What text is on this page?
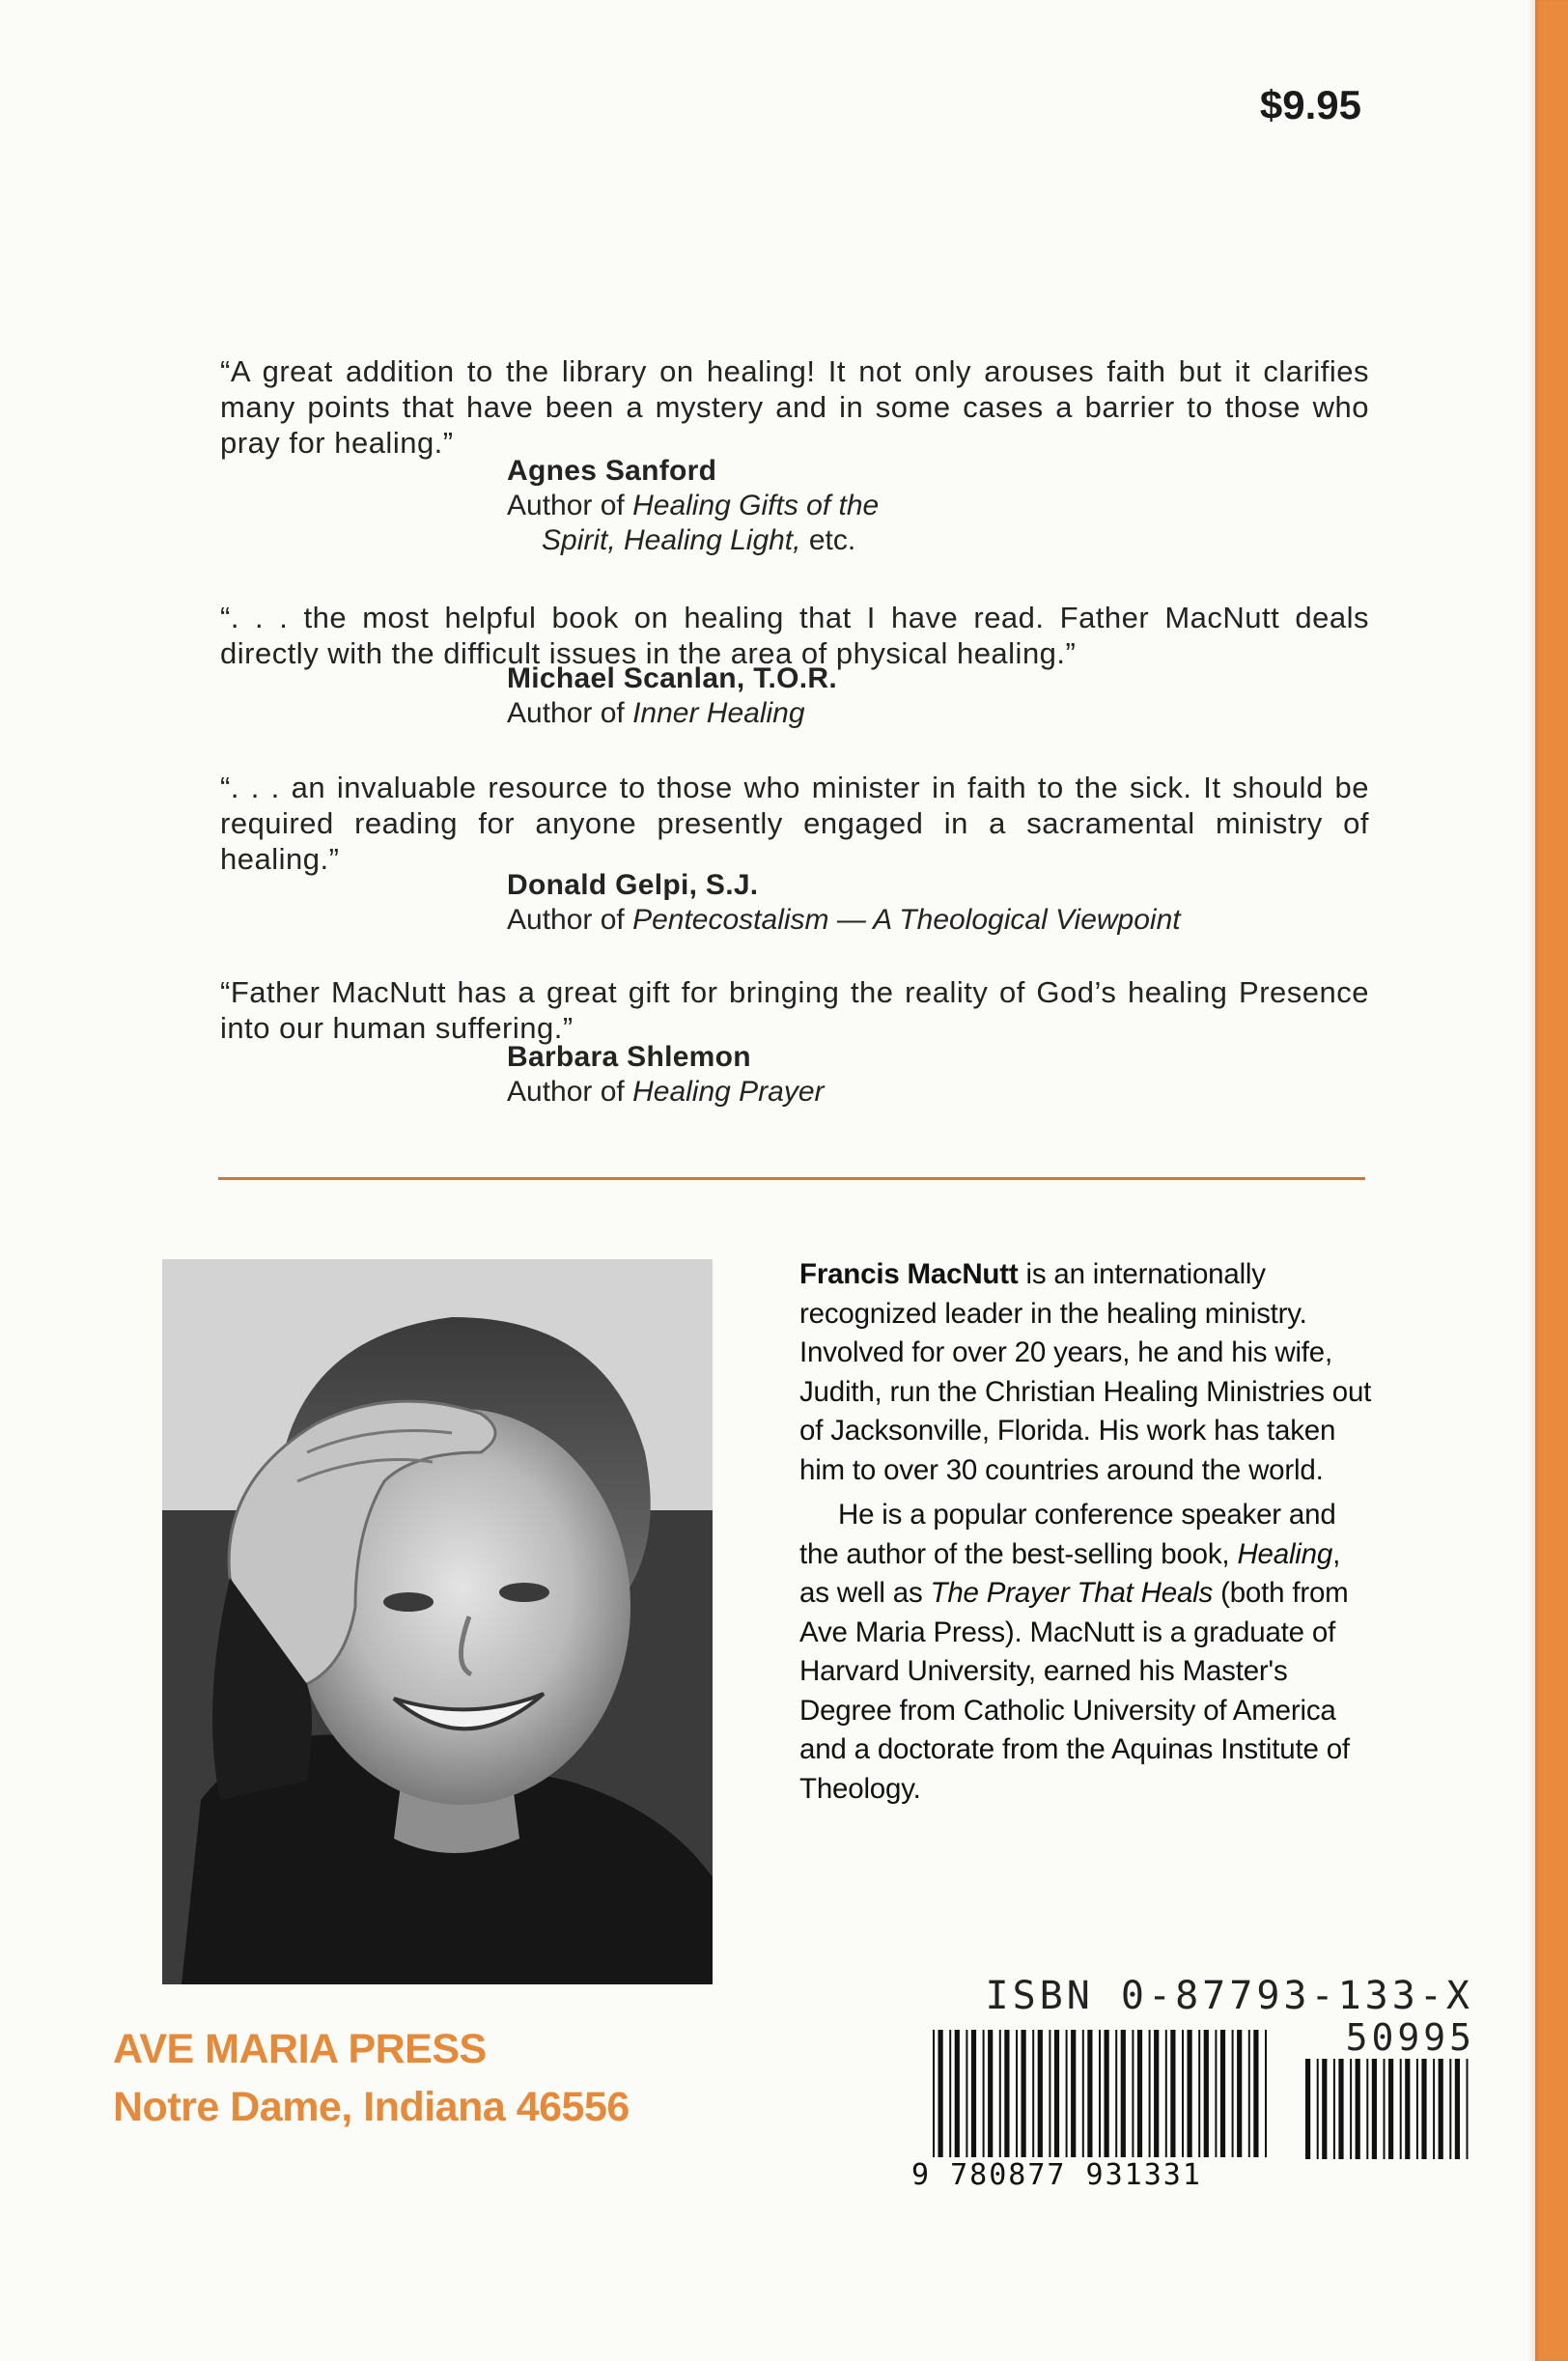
$9.95
“A great addition to the library on healing! It not only arouses faith but it clarifies many points that have been a mystery and in some cases a barrier to those who pray for healing.”
Agnes Sanford
Author of Healing Gifts of the
Spirit, Healing Light, etc.
“. . . the most helpful book on healing that I have read. Father MacNutt deals directly with the difficult issues in the area of physical healing.”
Michael Scanlan, T.O.R.
Author of Inner Healing
“. . . an invaluable resource to those who minister in faith to the sick. It should be required reading for anyone presently engaged in a sacramental ministry of healing.”
Donald Gelpi, S.J.
Author of Pentecostalism — A Theological Viewpoint
“Father MacNutt has a great gift for bringing the reality of God’s healing Presence into our human suffering.”
Barbara Shlemon
Author of Healing Prayer

Francis MacNutt is an internationally recognized leader in the healing ministry. Involved for over 20 years, he and his wife, Judith, run the Christian Healing Ministries out of Jacksonville, Florida. His work has taken him to over 30 countries around the world.

He is a popular conference speaker and the author of the best-selling book, Healing, as well as The Prayer That Heals (both from Ave Maria Press). MacNutt is a graduate of Harvard University, earned his Master's Degree from Catholic University of America and a doctorate from the Aquinas Institute of Theology.

AVE MARIA PRESS
Notre Dame, Indiana 46556
ISBN 0-87793-133-X
50995
9 780877 931331
